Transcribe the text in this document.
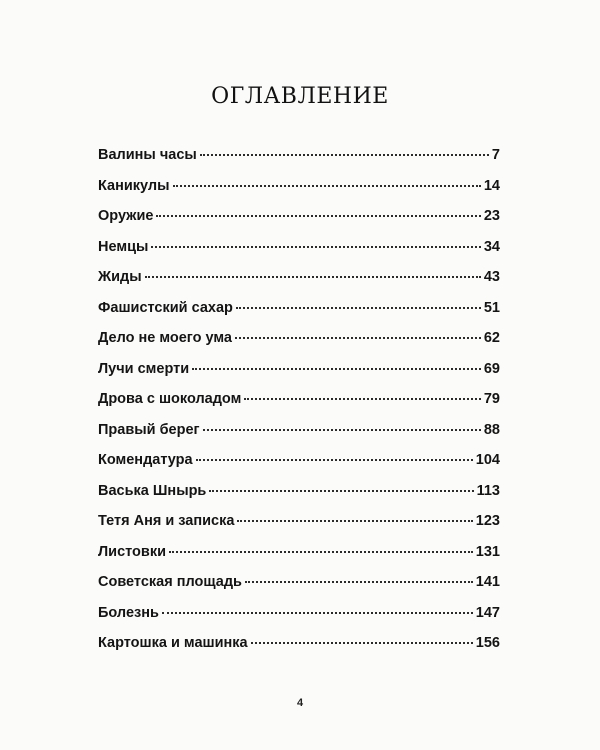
ОГЛАВЛЕНИЕ
Валины часы	7
Каникулы	14
Оружие	23
Немцы	34
Жиды	43
Фашистский сахар	51
Дело не моего ума	62
Лучи смерти	69
Дрова с шоколадом	79
Правый берег	88
Комендатура	104
Васька Шнырь	113
Тетя Аня и записка	123
Листовки	131
Советская площадь	141
Болезнь	147
Картошка и машинка	156
4
